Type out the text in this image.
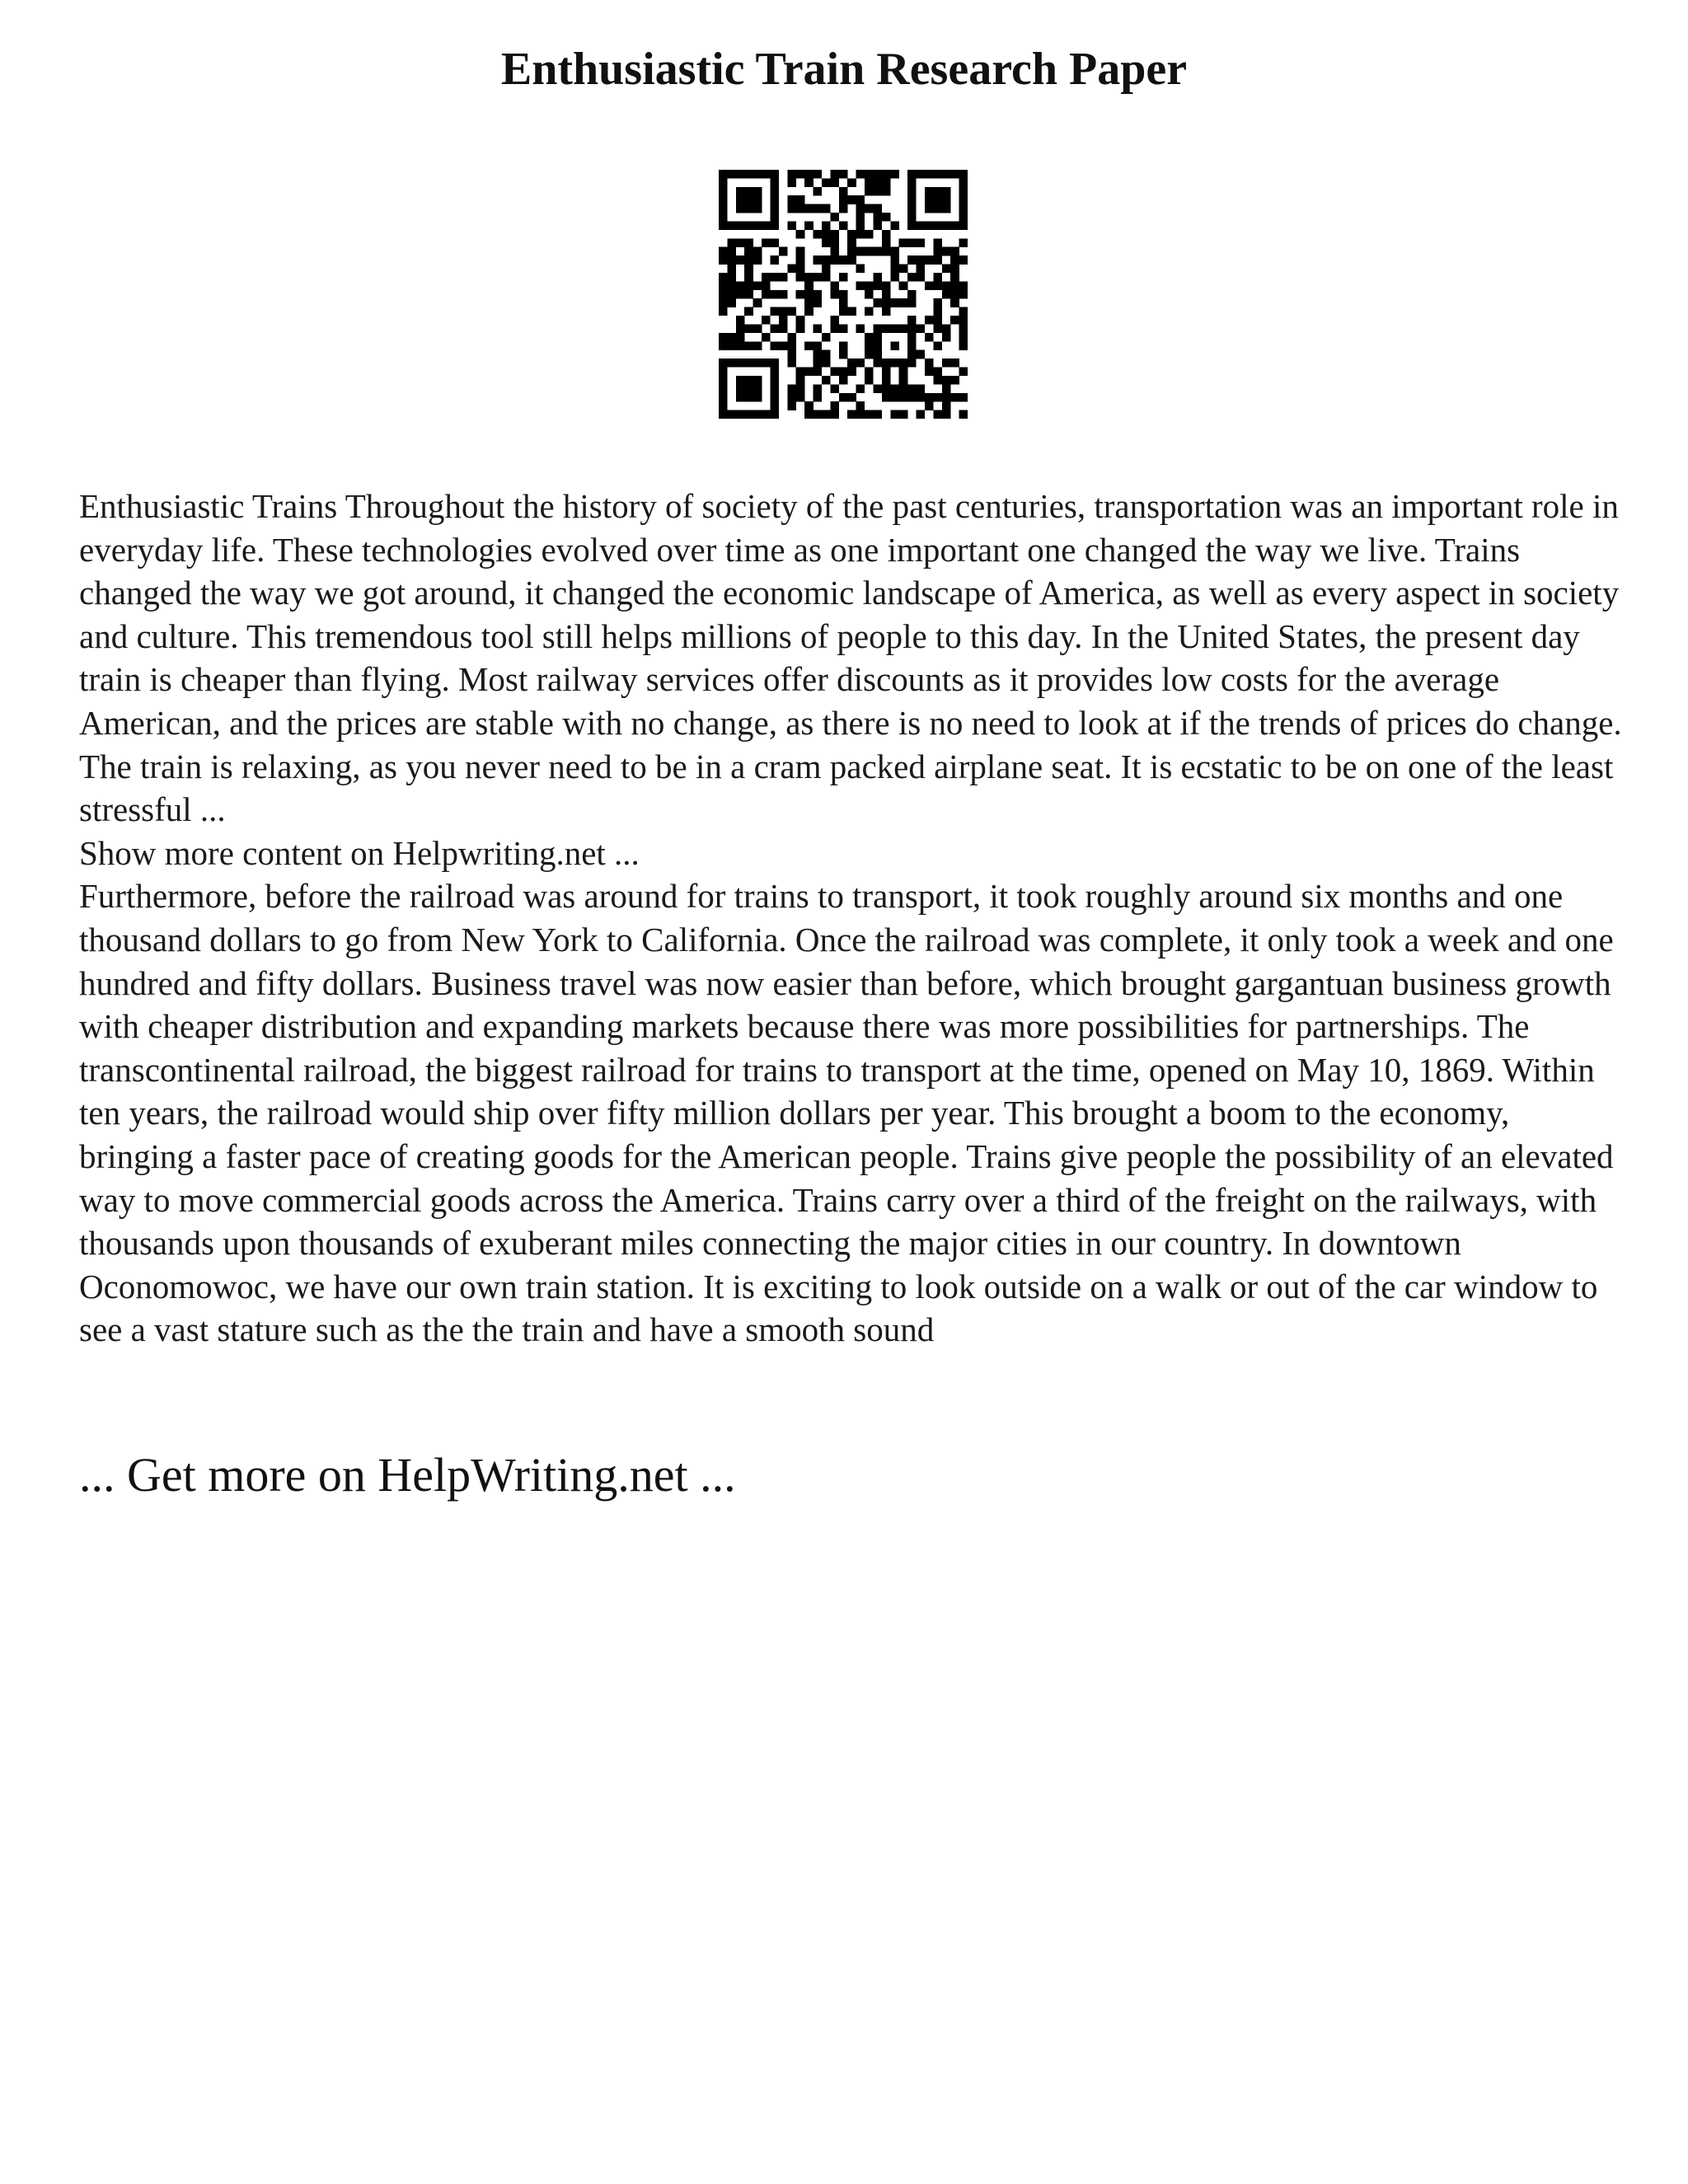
Enthusiastic Train Research Paper

Enthusiastic Trains Throughout the history of society of the past centuries, transportation was an important role in everyday life. These technologies evolved over time as one important one changed the way we live. Trains changed the way we got around, it changed the economic landscape of America, as well as every aspect in society and culture. This tremendous tool still helps millions of people to this day. In the United States, the present day train is cheaper than flying. Most railway services offer discounts as it provides low costs for the average American, and the prices are stable with no change, as there is no need to look at if the trends of prices do change. The train is relaxing, as you never need to be in a cram packed airplane seat. It is ecstatic to be on one of the least stressful ...

Show more content on Helpwriting.net ...

Furthermore, before the railroad was around for trains to transport, it took roughly around six months and one thousand dollars to go from New York to California. Once the railroad was complete, it only took a week and one hundred and fifty dollars. Business travel was now easier than before, which brought gargantuan business growth with cheaper distribution and expanding markets because there was more possibilities for partnerships. The transcontinental railroad, the biggest railroad for trains to transport at the time, opened on May 10, 1869. Within ten years, the railroad would ship over fifty million dollars per year. This brought a boom to the economy, bringing a faster pace of creating goods for the American people. Trains give people the possibility of an elevated way to move commercial goods across the America. Trains carry over a third of the freight on the railways, with thousands upon thousands of exuberant miles connecting the major cities in our country. In downtown Oconomowoc, we have our own train station. It is exciting to look outside on a walk or out of the car window to see a vast stature such as the the train and have a smooth sound

... Get more on HelpWriting.net ...
